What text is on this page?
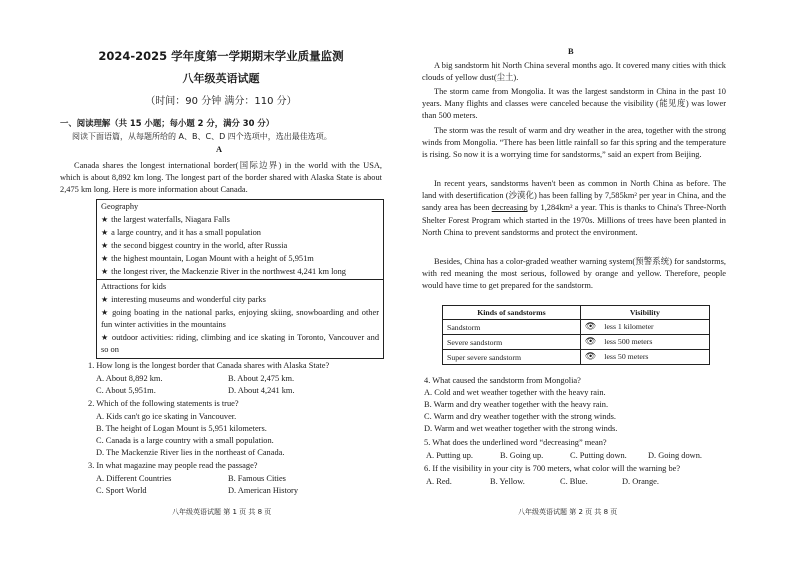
2024-2025 学年度第一学期期末学业质量监测
八年级英语试题
（时间：90 分钟 满分：110 分）
一、阅读理解（共 15 小题；每小题 2 分，满分 30 分）
阅读下面语篇，从每题所给的 A、B、C、D 四个选项中，选出最佳选项。
A
Canada shares the longest international border(国际边界) in the world with the USA, which is about 8,892 km long. The longest part of the border shared with Alaska State is about 2,475 km long. Here is more information about Canada.
Geography
★ the largest waterfalls, Niagara Falls
★ a large country, and it has a small population
★ the second biggest country in the world, after Russia
★ the highest mountain, Logan Mount with a height of 5,951m
★ the longest river, the Mackenzie River in the northwest 4,241 km long
Attractions for kids
★ interesting museums and wonderful city parks
★ going boating in the national parks, enjoying skiing, snowboarding and other fun winter activities in the mountains
★ outdoor activities: riding, climbing and ice skating in Toronto, Vancouver and so on
1. How long is the longest border that Canada shares with Alaska State?
A. About 8,892 km.	B. About 2,475 km.
C. About 5,951m.	D. About 4,241 km.
2. Which of the following statements is true?
A. Kids can't go ice skating in Vancouver.
B. The height of Logan Mount is 5,951 kilometers.
C. Canada is a large country with a small population.
D. The Mackenzie River lies in the northeast of Canada.
3. In what magazine may people read the passage?
A. Different Countries	B. Famous Cities
C. Sport World	D. American History
八年级英语试题 第 1 页 共 8 页
B
A big sandstorm hit North China several months ago. It covered many cities with thick clouds of yellow dust(尘土).
The storm came from Mongolia. It was the largest sandstorm in China in the past 10 years. Many flights and classes were canceled because the visibility (能见度) was lower than 500 meters.
The storm was the result of warm and dry weather in the area, together with the strong winds from Mongolia. “There has been little rainfall so far this spring and the temperature is rising. So now it is a worrying time for sandstorms,” said an expert from Beijing.
In recent years, sandstorms haven't been as common in North China as before. The land with desertification (沙漠化) has been falling by 7,585km² per year in China, and the sandy area has been decreasing by 1,284km² a year. This is thanks to China's Three-North Shelter Forest Program which started in the 1970s. Millions of trees have been planted in North China to prevent sandstorms and protect the environment.
Besides, China has a color-graded weather warning system(预警系统) for sandstorms, with red meaning the most serious, followed by orange and yellow. Therefore, people would have time to get prepared for the sandstorm.
Kinds of sandstorms	Visibility
Sandstorm	👁 less 1 kilometer
Severe sandstorm	👁 less 500 meters
Super severe sandstorm	👁 less 50 meters
4. What caused the sandstorm from Mongolia?
A. Cold and wet weather together with the heavy rain.
B. Warm and dry weather together with the heavy rain.
C. Warm and dry weather together with the strong winds.
D. Warm and wet weather together with the strong winds.
5. What does the underlined word “decreasing” mean?
A. Putting up.	B. Going up.	C. Putting down.	D. Going down.
6. If the visibility in your city is 700 meters, what color will the warning be?
A. Red.	B. Yellow.	C. Blue.	D. Orange.
八年级英语试题 第 2 页 共 8 页
